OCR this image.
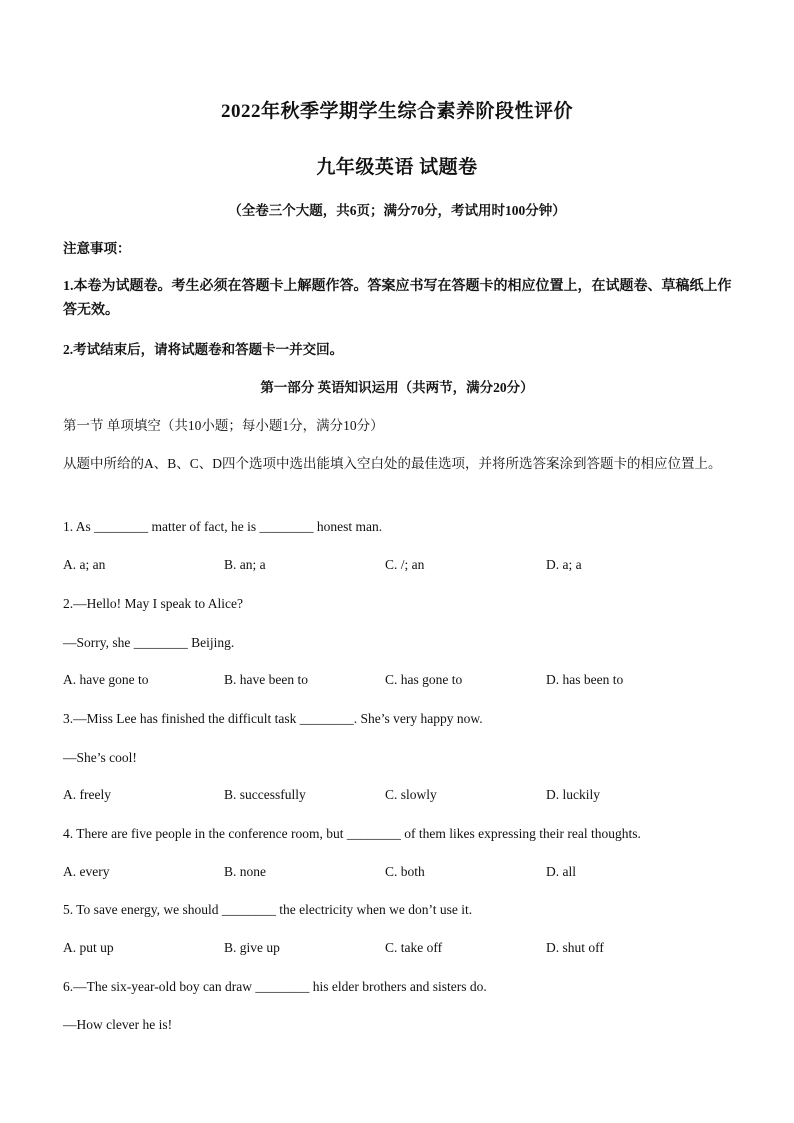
2022年秋季学期学生综合素养阶段性评价
九年级英语 试题卷
（全卷三个大题，共6页；满分70分，考试用时100分钟）
注意事项：
1.本卷为试题卷。考生必须在答题卡上解题作答。答案应书写在答题卡的相应位置上，在试题卷、草稿纸上作答无效。
2.考试结束后，请将试题卷和答题卡一并交回。
第一部分 英语知识运用（共两节，满分20分）
第一节 单项填空（共10小题；每小题1分，满分10分）
从题中所给的A、B、C、D四个选项中选出能填入空白处的最佳选项，并将所选答案涂到答题卡的相应位置上。
1. As ________ matter of fact, he is ________ honest man.
A. a; an	B. an; a	C. /; an	D. a; a
2.—Hello! May I speak to Alice?
—Sorry, she ________ Beijing.
A. have gone to	B. have been to	C. has gone to	D. has been to
3.—Miss Lee has finished the difficult task ________. She’s very happy now.
—She’s cool!
A. freely	B. successfully	C. slowly	D. luckily
4. There are five people in the conference room, but ________ of them likes expressing their real thoughts.
A. every	B. none	C. both	D. all
5. To save energy, we should ________ the electricity when we don’t use it.
A. put up	B. give up	C. take off	D. shut off
6.—The six-year-old boy can draw ________ his elder brothers and sisters do.
—How clever he is!
